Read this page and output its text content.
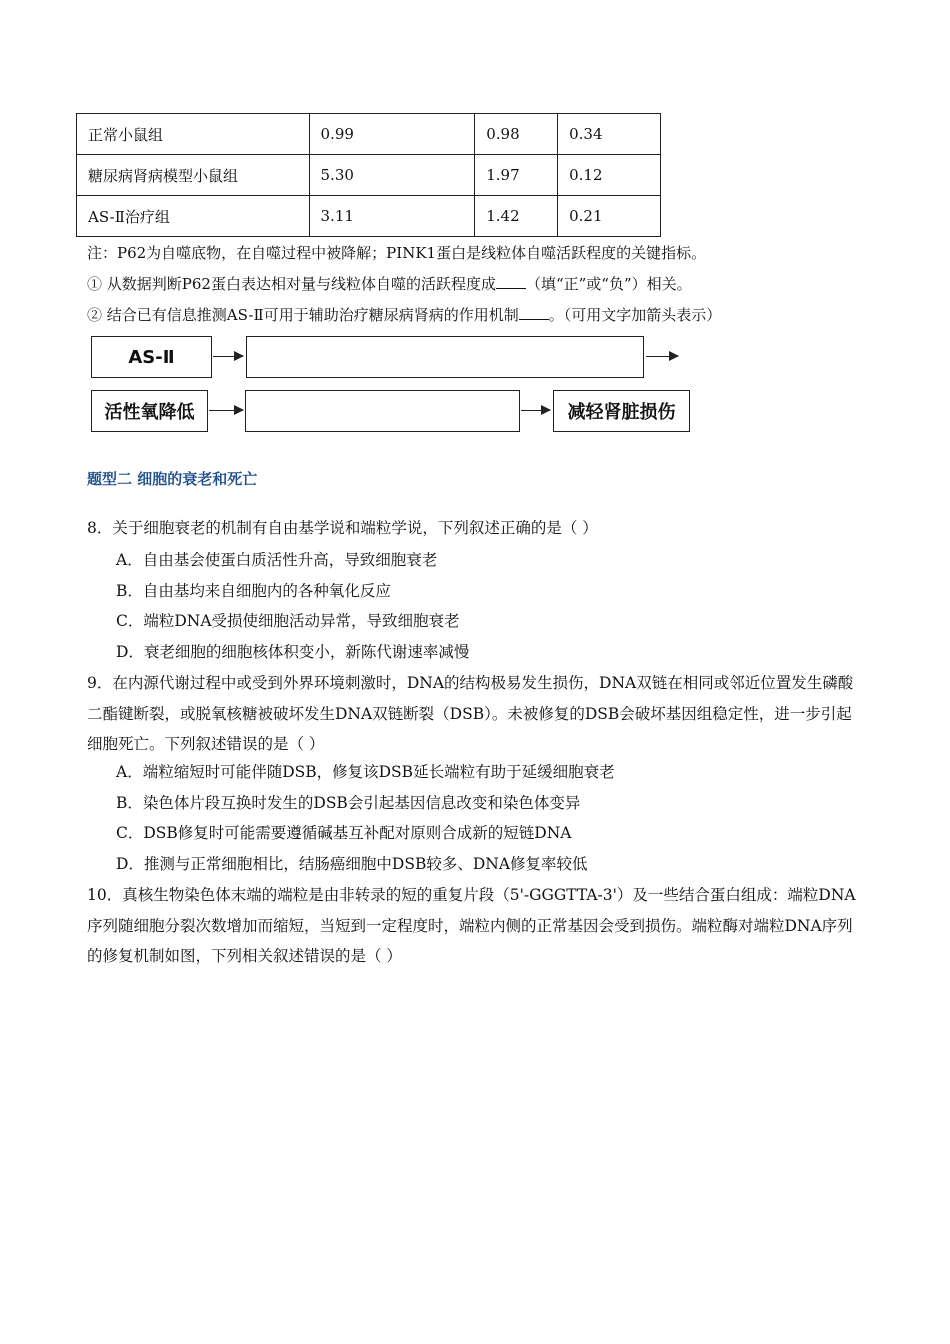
正常小鼠组	0.99	0.98	0.34
糖尿病肾病模型小鼠组	5.30	1.97	0.12
AS-Ⅱ治疗组	3.11	1.42	0.21
注：P62为自噬底物，在自噬过程中被降解；PINK1蛋白是线粒体自噬活跃程度的关键指标。
① 从数据判断P62蛋白表达相对量与线粒体自噬的活跃程度成 （填“正”或“负”）相关。
② 结合已有信息推测AS-Ⅱ可用于辅助治疗糖尿病肾病的作用机制 。（可用文字加箭头表示）
AS-Ⅱ
活性氧降低	减轻肾脏损伤
题型二 细胞的衰老和死亡
8．关于细胞衰老的机制有自由基学说和端粒学说，下列叙述正确的是（ ）
A．自由基会使蛋白质活性升高，导致细胞衰老
B．自由基均来自细胞内的各种氧化反应
C．端粒DNA受损使细胞活动异常，导致细胞衰老
D．衰老细胞的细胞核体积变小，新陈代谢速率减慢
9．在内源代谢过程中或受到外界环境刺激时，DNA的结构极易发生损伤，DNA双链在相同或邻近位置发生磷酸二酯键断裂，或脱氧核糖被破坏发生DNA双链断裂（DSB）。未被修复的DSB会破坏基因组稳定性，进一步引起细胞死亡。下列叙述错误的是（ ）
A．端粒缩短时可能伴随DSB，修复该DSB延长端粒有助于延缓细胞衰老
B．染色体片段互换时发生的DSB会引起基因信息改变和染色体变异
C．DSB修复时可能需要遵循碱基互补配对原则合成新的短链DNA
D．推测与正常细胞相比，结肠癌细胞中DSB较多、DNA修复率较低
10．真核生物染色体末端的端粒是由非转录的短的重复片段（5'-GGGTTA-3'）及一些结合蛋白组成：端粒DNA序列随细胞分裂次数增加而缩短，当短到一定程度时，端粒内侧的正常基因会受到损伤。端粒酶对端粒DNA序列的修复机制如图，下列相关叙述错误的是（ ）
